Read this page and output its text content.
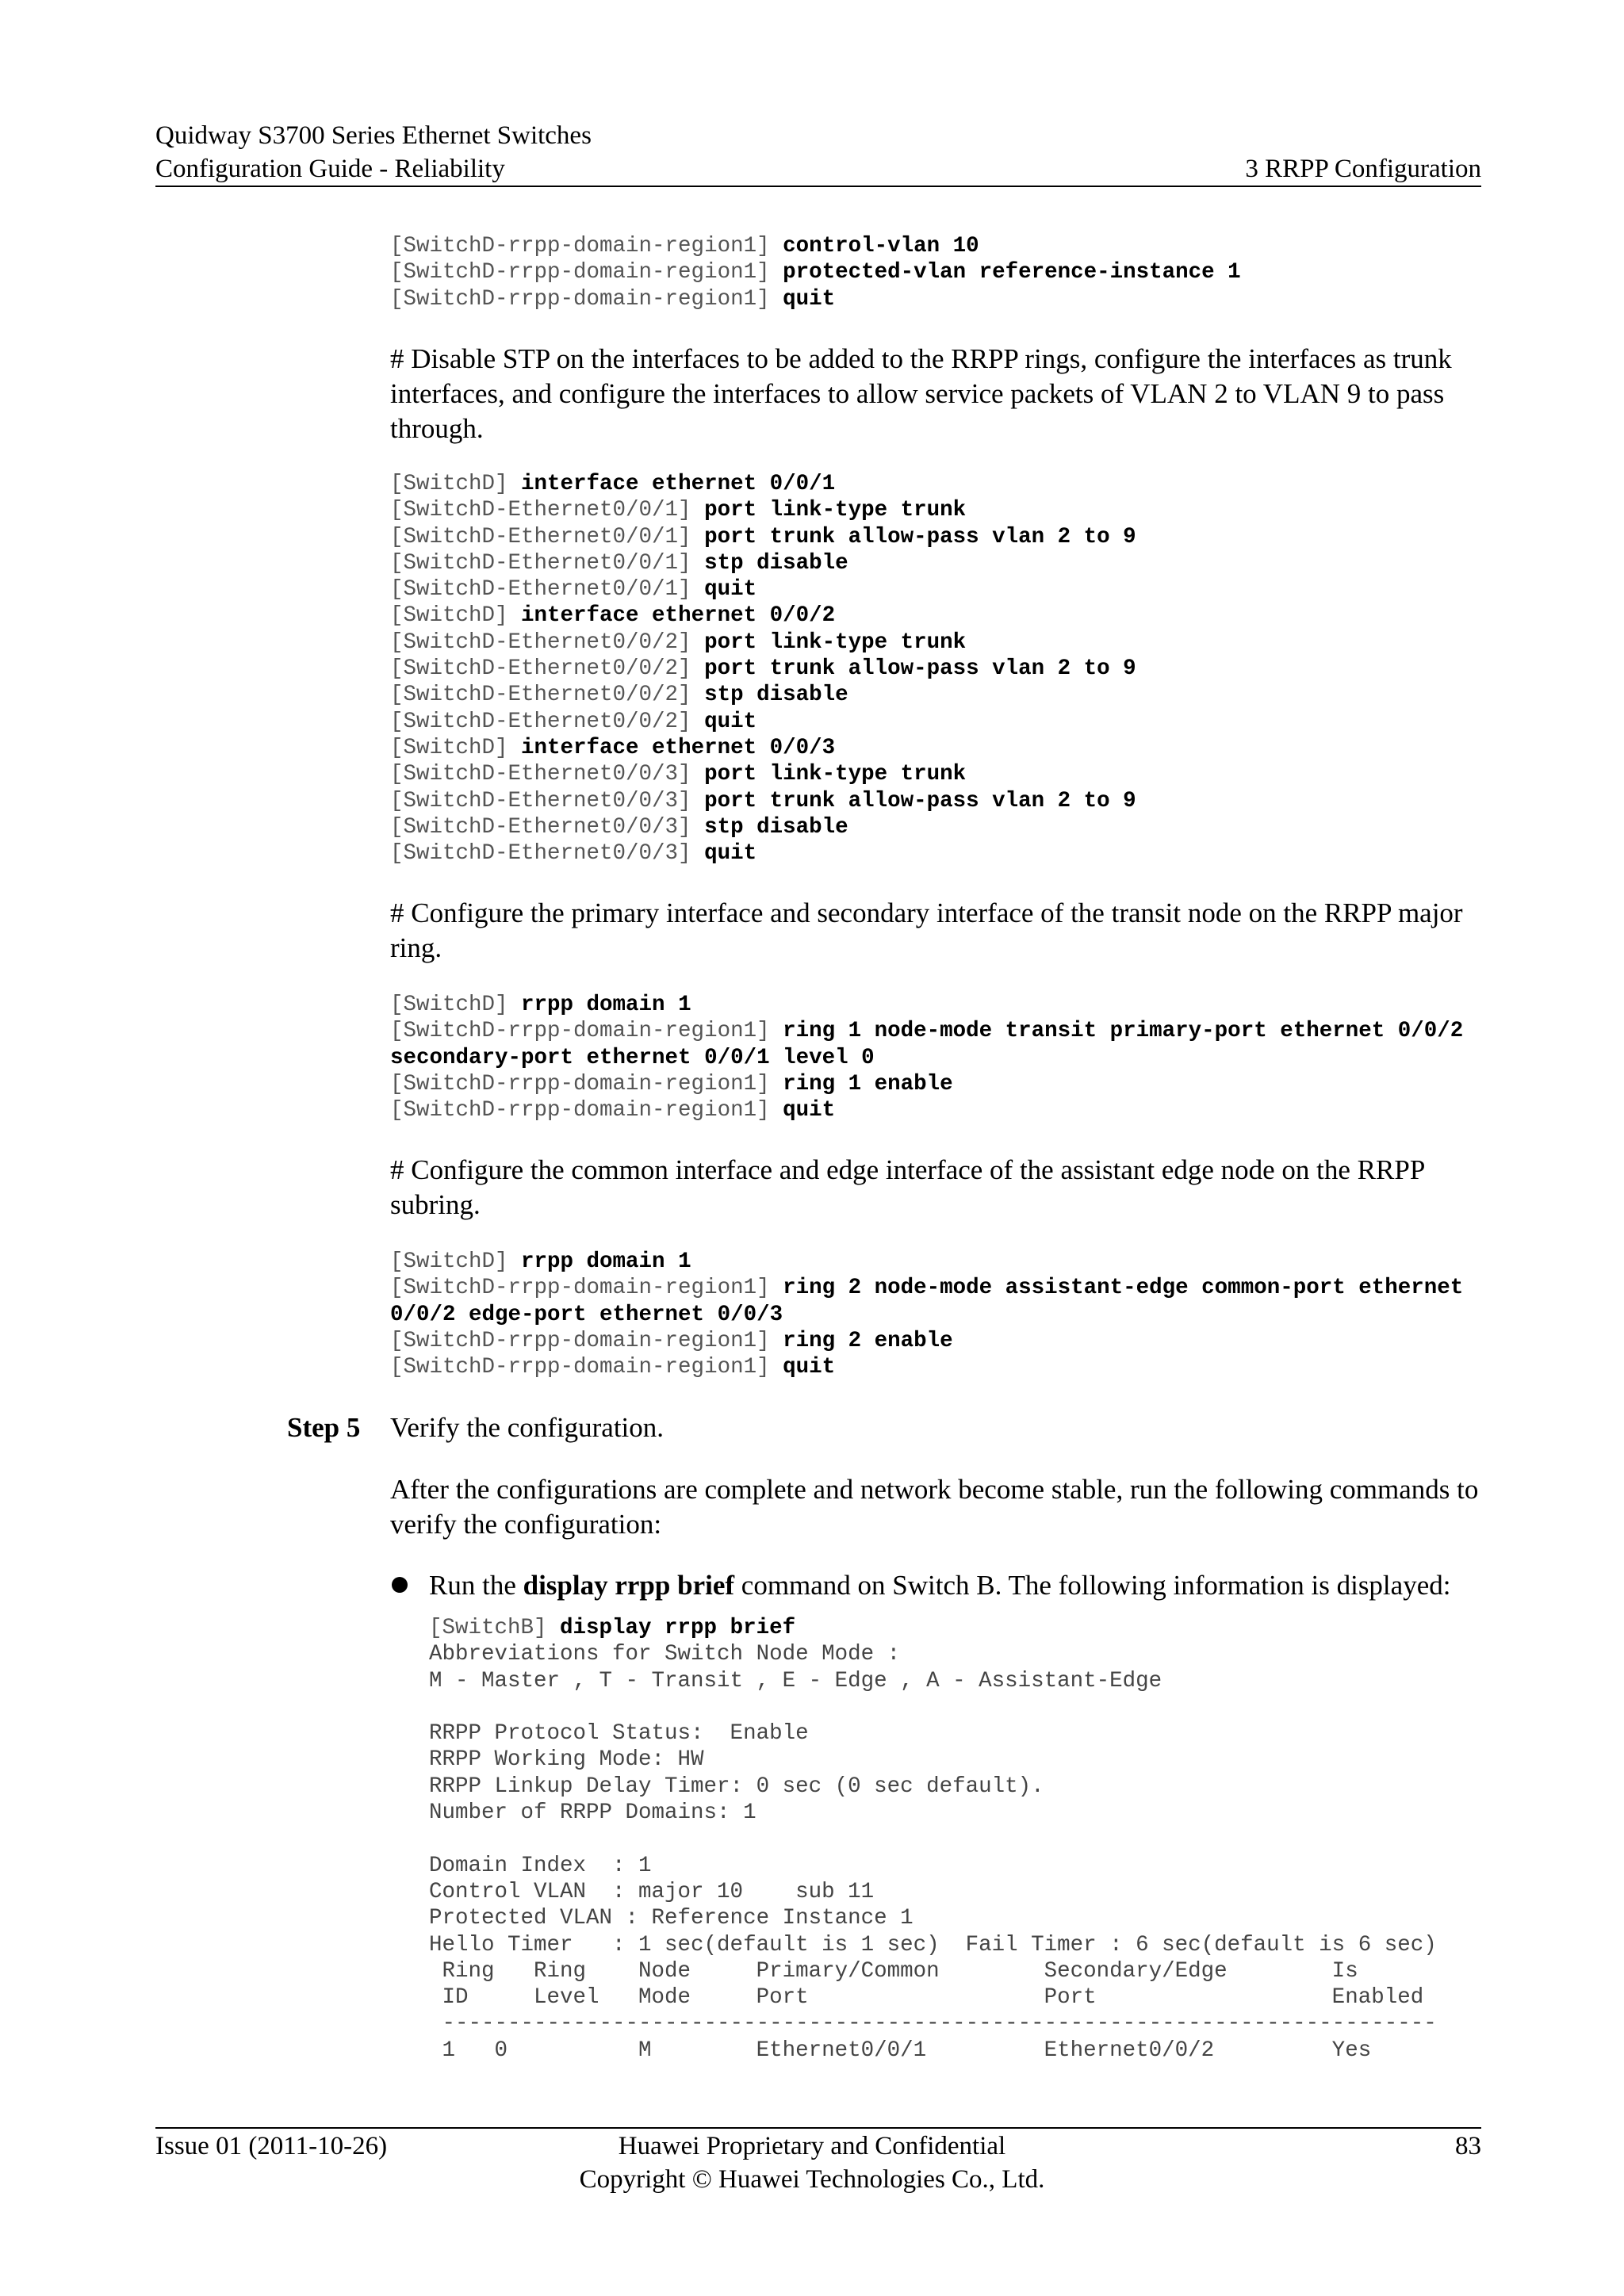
Quidway S3700 Series Ethernet Switches
Configuration Guide - Reliability	3 RRPP Configuration
[SwitchD-rrpp-domain-region1] control-vlan 10
[SwitchD-rrpp-domain-region1] protected-vlan reference-instance 1
[SwitchD-rrpp-domain-region1] quit

# Disable STP on the interfaces to be added to the RRPP rings, configure the interfaces as trunk interfaces, and configure the interfaces to allow service packets of VLAN 2 to VLAN 9 to pass through.

[SwitchD] interface ethernet 0/0/1
[SwitchD-Ethernet0/0/1] port link-type trunk
[SwitchD-Ethernet0/0/1] port trunk allow-pass vlan 2 to 9
[SwitchD-Ethernet0/0/1] stp disable
[SwitchD-Ethernet0/0/1] quit
[SwitchD] interface ethernet 0/0/2
[SwitchD-Ethernet0/0/2] port link-type trunk
[SwitchD-Ethernet0/0/2] port trunk allow-pass vlan 2 to 9
[SwitchD-Ethernet0/0/2] stp disable
[SwitchD-Ethernet0/0/2] quit
[SwitchD] interface ethernet 0/0/3
[SwitchD-Ethernet0/0/3] port link-type trunk
[SwitchD-Ethernet0/0/3] port trunk allow-pass vlan 2 to 9
[SwitchD-Ethernet0/0/3] stp disable
[SwitchD-Ethernet0/0/3] quit

# Configure the primary interface and secondary interface of the transit node on the RRPP major ring.

[SwitchD] rrpp domain 1
[SwitchD-rrpp-domain-region1] ring 1 node-mode transit primary-port ethernet 0/0/2
secondary-port ethernet 0/0/1 level 0
[SwitchD-rrpp-domain-region1] ring 1 enable
[SwitchD-rrpp-domain-region1] quit

# Configure the common interface and edge interface of the assistant edge node on the RRPP subring.

[SwitchD] rrpp domain 1
[SwitchD-rrpp-domain-region1] ring 2 node-mode assistant-edge common-port ethernet
0/0/2 edge-port ethernet 0/0/3
[SwitchD-rrpp-domain-region1] ring 2 enable
[SwitchD-rrpp-domain-region1] quit
Step 5 Verify the configuration.

After the configurations are complete and network become stable, run the following commands to verify the configuration:

Run the display rrpp brief command on Switch B. The following information is displayed:

[SwitchB] display rrpp brief
Abbreviations for Switch Node Mode :
M - Master , T - Transit , E - Edge , A - Assistant-Edge

RRPP Protocol Status:  Enable
RRPP Working Mode: HW
RRPP Linkup Delay Timer: 0 sec (0 sec default).
Number of RRPP Domains: 1

Domain Index  : 1
Control VLAN  : major 10    sub 11
Protected VLAN : Reference Instance 1
Hello Timer   : 1 sec(default is 1 sec)  Fail Timer : 6 sec(default is 6 sec)
Ring   Ring    Node     Primary/Common        Secondary/Edge        Is
ID     Level   Mode     Port                  Port                  Enabled
----------------------------------------------------------------------------
1   0          M        Ethernet0/0/1         Ethernet0/0/2         Yes
Issue 01 (2011-10-26)	Huawei Proprietary and Confidential
Copyright © Huawei Technologies Co., Ltd.
83
